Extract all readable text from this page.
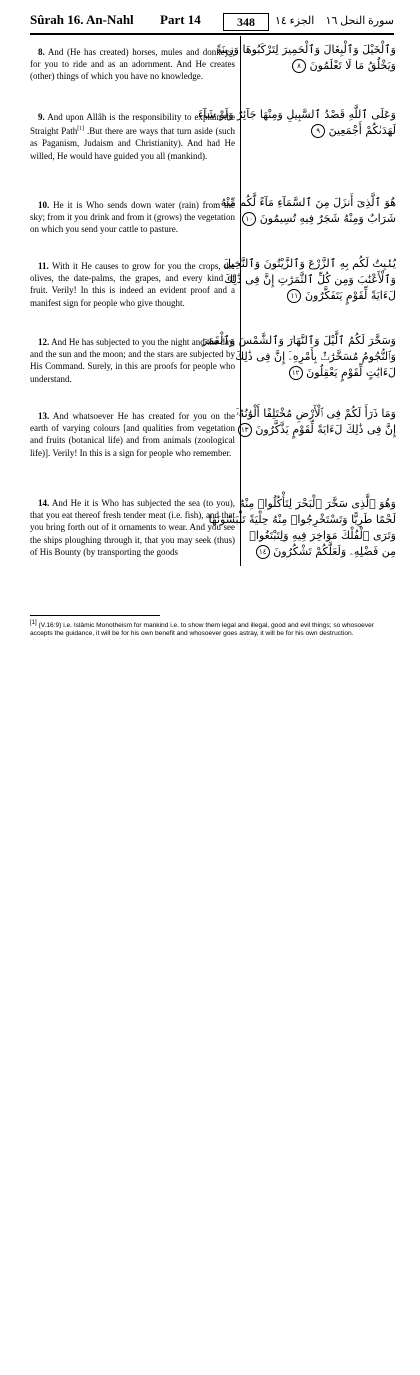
Sûrah 16. An-Nahl Part 14	348	الجزء ١٤ سورة النحل ١٦

8. And (He has created) horses, mules and donkeys, for you to ride and as an adornment. And He creates (other) things of which you have no knowledge.

وَٱلْخَيْلَ وَٱلْبِغَالَ وَٱلْحَمِيرَ لِتَرْكَبُوهَا وَزِينَةً
وَيَخْلُقُ مَا لَا تَعْلَمُونَ ٨

9. And upon Allâh is the responsibility to explain the Straight Path[1] .But there are ways that turn aside (such as Paganism, Judaism and Christianity). And had He willed, He would have guided you all (mankind).

وَعَلَى ٱللَّهِ قَصْدُ ٱلسَّبِيلِ وَمِنْهَا جَآئِرٌ وَلَوْ شَآءَ
لَهَدَىٰكُمْ أَجْمَعِينَ ٩

10. He it is Who sends down water (rain) from the sky; from it you drink and from it (grows) the vegetation on which you send your cattle to pasture.

هُوَ ٱلَّذِىٓ أَنزَلَ مِنَ ٱلسَّمَآءِ مَآءً لَّكُم مِّنْهُ
شَرَابٌ وَمِنْهُ شَجَرٌ فِيهِ تُسِيمُونَ ١٠

11. With it He causes to grow for you the crops, the olives, the date-palms, the grapes, and every kind of fruit. Verily! In this is indeed an evident proof and a manifest sign for people who give thought.

يُنۢبِتُ لَكُم بِهِ ٱلزَّرْعَ وَٱلزَّيْتُونَ وَٱلنَّخِيلَ
وَٱلْأَعْنَٰبَ وَمِن كُلِّ ٱلثَّمَرَٰتِ إِنَّ فِى ذَٰلِكَ
لَءَايَةً لِّقَوْمٍ يَتَفَكَّرُونَ ١١

12. And He has subjected to you the night and the day, and the sun and the moon; and the stars are subjected by His Command. Surely, in this are proofs for people who understand.

وَسَخَّرَ لَكُمُ ٱلَّيْلَ وَٱلنَّهَارَ وَٱلشَّمْسَ وَٱلْقَمَرَ
وَٱلنُّجُومُ مُسَخَّرَٰتٌۢ بِأَمْرِهِۦٓ إِنَّ فِى ذَٰلِكَ
لَءَايَٰتٍ لِّقَوْمٍ يَعْقِلُونَ ١٢

13. And whatsoever He has created for you on the earth of varying colours [and qualities from vegetation and fruits (botanical life) and from animals (zoological life)]. Verily! In this is a sign for people who remember.

وَمَا ذَرَأَ لَكُمْ فِى ٱلْأَرْضِ مُخْتَلِفًا أَلْوَٰنُهُۥٓ
إِنَّ فِى ذَٰلِكَ لَءَايَةً لِّقَوْمٍ يَذَّكَّرُونَ ١٣

14. And He it is Who has subjected the sea (to you), that you eat thereof fresh tender meat (i.e. fish), and that you bring forth out of it ornaments to wear. And you see the ships ploughing through it, that you may seek (thus) of His Bounty (by transporting the goods

وَهُوَ ٱلَّذِى سَخَّرَ ٱلْبَحْرَ لِتَأْكُلُوا۟ مِنْهُ
لَحْمًا طَرِيًّا وَتَسْتَخْرِجُوا۟ مِنْهُ حِلْيَةً تَلْبَسُونَهَا
وَتَرَى ٱلْفُلْكَ مَوَاخِرَ فِيهِ وَلِتَبْتَغُوا۟
مِن فَضْلِهِۦ وَلَعَلَّكُمْ تَشْكُرُونَ ١٤
[1] (V.16:9) i.e. Islâmic Monotheism for mankind i.e. to show them legal and illegal, good and evil things; so whosoever accepts the guidance, it will be for his own benefit and whosoever goes astray, it will be for his own destruction.
